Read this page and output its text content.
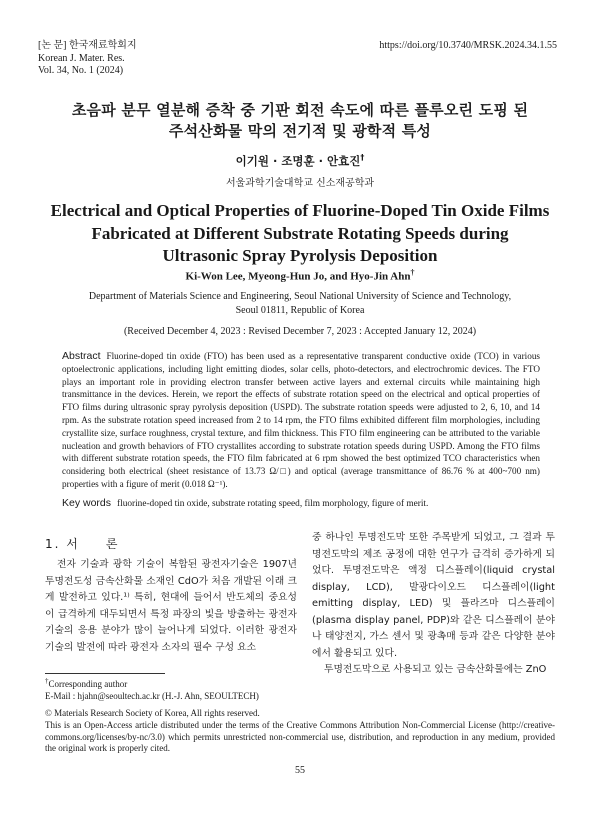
[논 문] 한국재료학회지
Korean J. Mater. Res.
Vol. 34, No. 1 (2024)
https://doi.org/10.3740/MRSK.2024.34.1.55
초음파 분무 열분해 증착 중 기판 회전 속도에 따른 플루오린 도핑 된
주석산화물 막의 전기적 및 광학적 특성
이기원 · 조명훈 · 안효진†
서울과학기술대학교 신소재공학과
Electrical and Optical Properties of Fluorine-Doped Tin Oxide Films
Fabricated at Different Substrate Rotating Speeds during
Ultrasonic Spray Pyrolysis Deposition
Ki-Won Lee, Myeong-Hun Jo, and Hyo-Jin Ahn†
Department of Materials Science and Engineering, Seoul National University of Science and Technology,
Seoul 01811, Republic of Korea
(Received December 4, 2023 : Revised December 7, 2023 : Accepted January 12, 2024)
Abstract Fluorine-doped tin oxide (FTO) has been used as a representative transparent conductive oxide (TCO) in various optoelectronic applications, including light emitting diodes, solar cells, photo-detectors, and electrochromic devices. The FTO plays an important role in providing electron transfer between active layers and external circuits while maintaining high transmittance in the devices. Herein, we report the effects of substrate rotation speed on the electrical and optical properties of FTO films during ultrasonic spray pyrolysis deposition (USPD). The substrate rotation speeds were adjusted to 2, 6, 10, and 14 rpm. As the substrate rotation speed increased from 2 to 14 rpm, the FTO films exhibited different film morphologies, including crystallite size, surface roughness, crystal texture, and film thickness. This FTO film engineering can be attributed to the variable nucleation and growth behaviors of FTO crystallites according to substrate rotation speeds during USPD. Among the FTO films with different substrate rotation speeds, the FTO film fabricated at 6 rpm showed the best optimized TCO characteristics when considering both electrical (sheet resistance of 13.73 Ω/□) and optical (average transmittance of 86.76 % at 400~700 nm) properties with a figure of merit (0.018 Ω⁻¹).
Key words fluorine-doped tin oxide, substrate rotating speed, film morphology, figure of merit.
1. 서 론

전자 기술과 광학 기술이 복합된 광전자기술은 1907년 투명전도성 금속산화물 소재인 CdO가 처음 개발된 이래 크게 발전하고 있다.¹⁾ 특히, 현대에 들어서 반도체의 중요성이 급격하게 대두되면서 특정 파장의 빛을 방출하는 광전자 기술의 응용 분야가 많이 늘어나게 되었다. 이러한 광전자 기술의 발전에 따라 광전자 소자의 필수 구성 요소

중 하나인 투명전도막 또한 주목받게 되었고, 그 결과 투명전도막의 제조 공정에 대한 연구가 급격히 증가하게 되었다. 투명전도막은 액정 디스플레이(liquid crystal display, LCD), 발광다이오드 디스플레이(light emitting display, LED) 및 플라즈마 디스플레이(plasma display panel, PDP)와 같은 디스플레이 분야나 태양전지, 가스 센서 및 광촉매 등과 같은 다양한 분야에서 활용되고 있다.

투명전도막으로 사용되고 있는 금속산화물에는 ZnO

†Corresponding author
E-Mail : hjahn@seoultech.ac.kr (H.-J. Ahn, SEOULTECH)
© Materials Research Society of Korea, All rights reserved.
This is an Open-Access article distributed under the terms of the Creative Commons Attribution Non-Commercial License (http://creative-commons.org/licenses/by-nc/3.0) which permits unrestricted non-commercial use, distribution, and reproduction in any medium, provided the original work is properly cited.
55
